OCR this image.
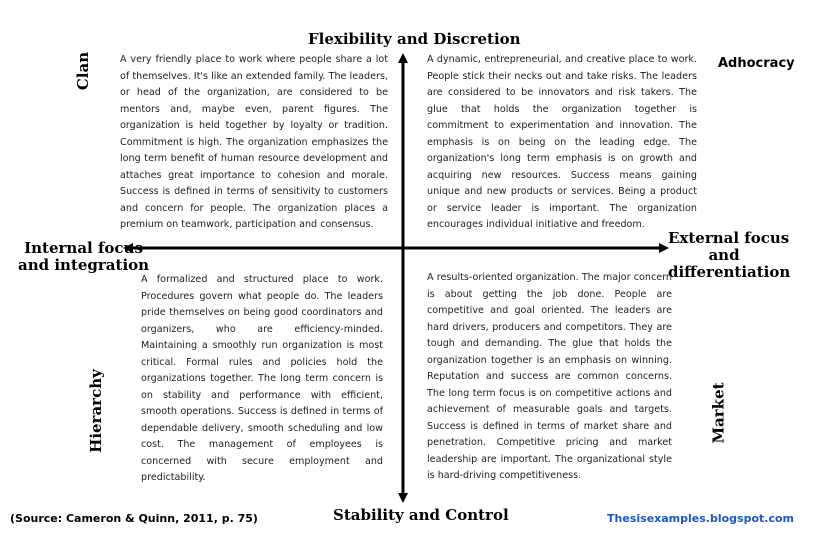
Flexibility and Discretion
Stability and Control
Internal focus
and integration
External focus
and
differentiation
Clan	Adhocracy
Hierarchy	Market
A very friendly place to work where people share a lot of themselves. It's like an extended family. The leaders, or head of the organization, are considered to be mentors and, maybe even, parent figures. The organization is held together by loyalty or tradition. Commitment is high. The organization emphasizes the long term benefit of human resource development and attaches great importance to cohesion and morale. Success is defined in terms of sensitivity to customers and concern for people. The organization places a premium on teamwork, participation and consensus.
A dynamic, entrepreneurial, and creative place to work. People stick their necks out and take risks. The leaders are considered to be innovators and risk takers. The glue that holds the organization together is commitment to experimentation and innovation. The emphasis is on being on the leading edge. The organization's long term emphasis is on growth and acquiring new resources. Success means gaining unique and new products or services. Being a product or service leader is important. The organization encourages individual initiative and freedom.
A formalized and structured place to work. Procedures govern what people do. The leaders pride themselves on being good coordinators and organizers, who are efficiency-minded. Maintaining a smoothly run organization is most critical. Formal rules and policies hold the organizations together. The long term concern is on stability and performance with efficient, smooth operations. Success is defined in terms of dependable delivery, smooth scheduling and low cost. The management of employees is concerned with secure employment and predictability.
A results-oriented organization. The major concern is about getting the job done. People are competitive and goal oriented. The leaders are hard drivers, producers and competitors. They are tough and demanding. The glue that holds the organization together is an emphasis on winning. Reputation and success are common concerns. The long term focus is on competitive actions and achievement of measurable goals and targets. Success is defined in terms of market share and penetration. Competitive pricing and market leadership are important. The organizational style is hard-driving competitiveness.
(Source: Cameron & Quinn, 2011, p. 75)	Thesisexamples.blogspot.com
